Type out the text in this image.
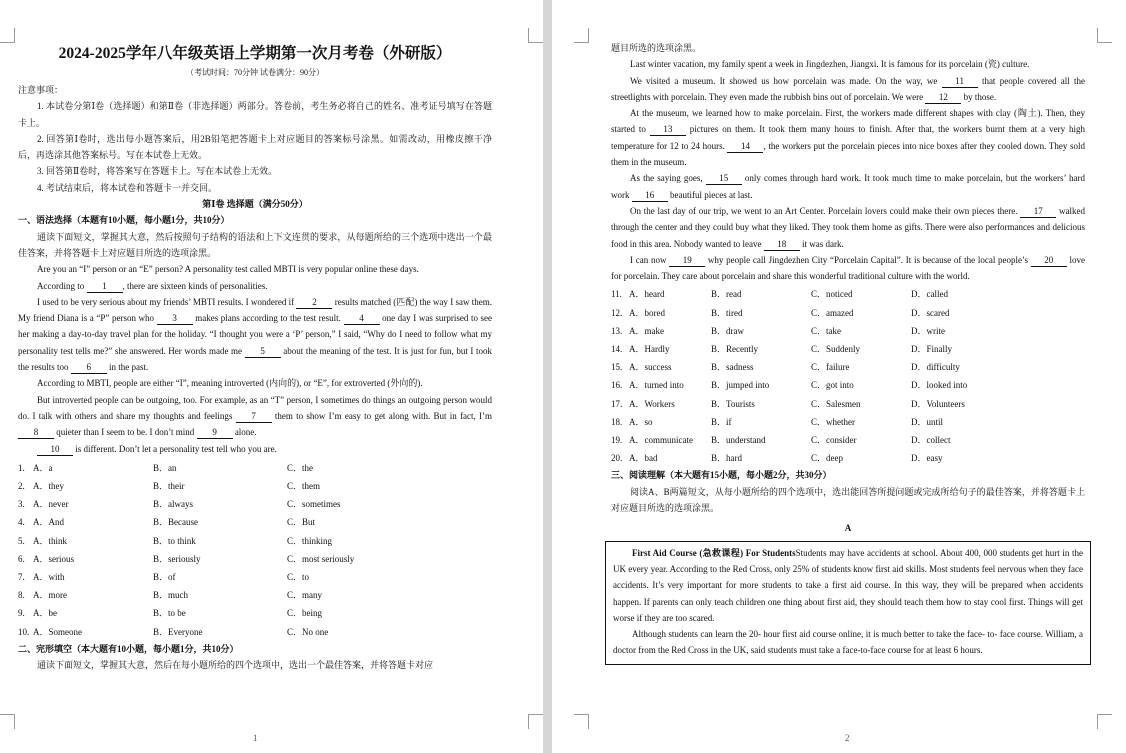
2024-2025学年八年级英语上学期第一次月考卷（外研版）

（考试时间：70分钟 试卷满分：90分）

注意事项：

1. 本试卷分第Ⅰ卷（选择题）和第Ⅱ卷（非选择题）两部分。答卷前，考生务必将自己的姓名、准考证号填写在答题卡上。

2. 回答第Ⅰ卷时，选出每小题答案后，用2B铅笔把答题卡上对应题目的答案标号涂黑。如需改动，用橡皮擦干净后，再选涂其他答案标号。写在本试卷上无效。

3. 回答第Ⅱ卷时，将答案写在答题卡上。写在本试卷上无效。

4. 考试结束后，将本试卷和答题卡一并交回。

第Ⅰ卷 选择题（满分50分）

一、语法选择（本题有10小题，每小题1分，共10分）

通读下面短文，掌握其大意，然后按照句子结构的语法和上下文连贯的要求，从每题所给的三个选项中选出一个最佳答案，并将答题卡上对应题目所选的选项涂黑。

Are you an “I” person or an “E” person? A personality test called MBTI is very popular online these days.

According to 1 , there are sixteen kinds of personalities.

I used to be very serious about my friends’ MBTI results. I wondered if 2 results matched (匹配) the way I saw them. My friend Diana is a “P” person who 3 makes plans according to the test result. 4 one day I was surprised to see her making a day-to-day travel plan for the holiday. “I thought you were a ‘P’ person,” I said, “Why do I need to follow what my personality test tells me?” she answered. Her words made me 5 about the meaning of the test. It is just for fun, but I took the results too 6 in the past.

According to MBTI, people are either “I”, meaning introverted (内向的), or “E”, for extroverted (外向的).

But introverted people can be outgoing, too. For example, as an “T” person, I sometimes do things an outgoing person would do. I talk with others and share my thoughts and feelings 7 them to show I’m easy to get along with. But in fact, I’m 8 quieter than I seem to be. I don’t mind 9 alone.

10 is different. Don’t let a personality test tell who you are.

1. A．a	B．an	C．the
2. A．they	B．their	C．them
3. A．never	B．always	C．sometimes
4. A．And	B．Because	C．But
5. A．think	B．to think	C．thinking
6. A．serious	B．seriously	C．most seriously
7. A．with	B．of	C．to
8. A．more	B．much	C．many
9. A．be	B．to be	C．being
10. A．Someone	B．Everyone	C．No one

二、完形填空（本大题有10小题，每小题1分，共10分）

通读下面短文，掌握其大意，然后在每小题所给的四个选项中，选出一个最佳答案，并将答题卡对应

1

题目所选的选项涂黑。

Last winter vacation, my family spent a week in Jingdezhen, Jiangxi. It is famous for its porcelain (瓷) culture.

We visited a museum. It showed us how porcelain was made. On the way, we 11 that people covered all the streetlights with porcelain. They even made the rubbish bins out of porcelain. We were 12 by those.

At the museum, we learned how to make porcelain. First, the workers made different shapes with clay (陶土). Then, they started to 13 pictures on them. It took them many hours to finish. After that, the workers burnt them at a very high temperature for 12 to 24 hours. 14 , the workers put the porcelain pieces into nice boxes after they cooled down. They sold them in the museum.

As the saying goes, 15 only comes through hard work. It took much time to make porcelain, but the workers’ hard work 16 beautiful pieces at last.

On the last day of our trip, we went to an Art Center. Porcelain lovers could make their own pieces there. 17 walked through the center and they could buy what they liked. They took them home as gifts. There were also performances and delicious food in this area. Nobody wanted to leave 18 it was dark.

I can now 19 why people call Jingdezhen City “Porcelain Capital”. It is because of the local people’s 20 love for porcelain. They care about porcelain and share this wonderful traditional culture with the world.

11. A．heard	B．read	C．noticed	D．called
12. A．bored	B．tired	C．amazed	D．scared
13. A．make	B．draw	C．take	D．write
14. A．Hardly	B．Recently	C．Suddenly	D．Finally
15. A．success	B．sadness	C．failure	D．difficulty
16. A．turned into	B．jumped into	C．got into	D．looked into
17. A．Workers	B．Tourists	C．Salesmen	D．Volunteers
18. A．so	B．if	C．whether	D．until
19. A．communicate	B．understand	C．consider	D．collect
20. A．bad	B．hard	C．deep	D．easy

三、阅读理解（本大题有15小题，每小题2分，共30分）

阅读A、B两篇短文，从每小题所给的四个选项中，选出能回答所提问题或完成所给句子的最佳答案，并将答题卡上对应题目所选的选项涂黑。

A

First Aid Course (急救课程) For StudentsStudents may have accidents at school. About 400, 000 students get hurt in the UK every year. According to the Red Cross, only 25% of students know first aid skills. Most students feel nervous when they face accidents. It’s very important for more students to take a first aid course. In this way, they will be prepared when accidents happen. If parents can only teach children one thing about first aid, they should teach them how to stay cool first. Things will get worse if they are too scared.

Although students can learn the 20- hour first aid course online, it is much better to take the face- to- face course. William, a doctor from the Red Cross in the UK, said students must take a face-to-face course for at least 6 hours.

2
